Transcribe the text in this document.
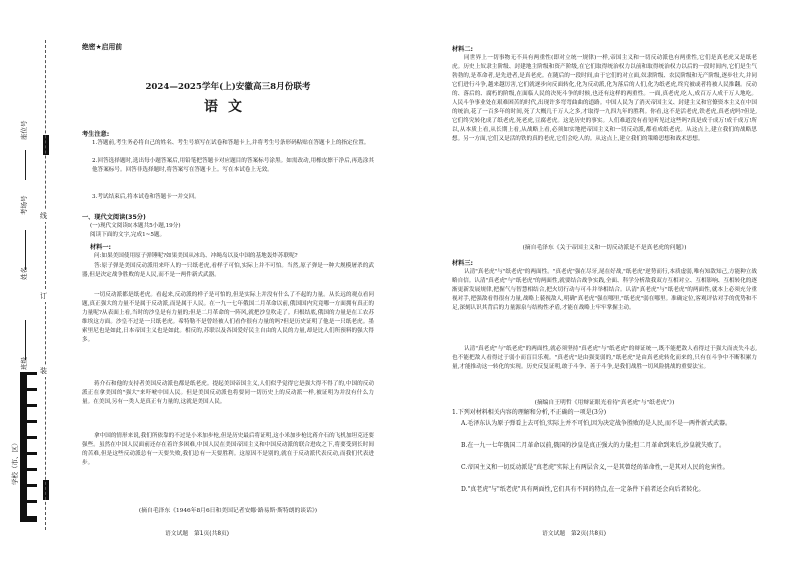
座位号
考场号
姓名
班级
学校（市、区）
线
订
装
绝密★启用前
2024—2025学年(上)安徽高三8月份联考
语文
考生注意:
1.答题前,考生务必将自己的姓名、考生号填写在试卷和答题卡上,并将考生号条形码粘贴在答题卡上的指定位置。
2.回答选择题时,选出每小题答案后,用铅笔把答题卡对应题目的答案标号涂黑。如需改动,用橡皮擦干净后,再选涂其他答案标号。回答非选择题时,将答案写在答题卡上。写在本试卷上无效。
3.考试结束后,将本试卷和答题卡一并交回。
一、现代文阅读(35分)
(一)现代文阅读Ⅰ(本题共5小题,19分)
阅读下面的文字,完成1~5题。
材料一:
问:如果美国使用原子弹锤呢?如果美国从冰岛、冲绳岛以及中国的基地轰炸苏联呢?
答:原子弹是美国反动派用来吓人的一只纸老虎,看样子可怕,实际上并不可怕。当然,原子弹是一种大规模屠杀的武器,但是决定战争胜败的是人民,而不是一两件新式武器。
一切反动派都是纸老虎。看起来,反动派的样子是可怕的,但是实际上并没有什么了不起的力量。从长远的观点看问题,真正强大的力量不是属于反动派,而是属于人民。在一九一七年俄国二月革命以前,俄国国内究竟哪一方面拥有真正的力量呢?从表面上看,当时的沙皇是有力量的;但是二月革命的一阵风,就把沙皇吹走了。归根结底,俄国的力量是在工农苏维埃这方面。沙皇不过是一只纸老虎。希特勒不是曾经被人们看作很有力量的吗?但是历史证明了他是一只纸老虎。墨索里尼也是如此,日本帝国主义也是如此。相反的,苏联以及各国爱好民主自由的人民的力量,却是比人们所预料的强大得多。
蒋介石和他的支持者美国反动派也都是纸老虎。提起美国帝国主义,人们似乎觉得它是强大得不得了的,中国的反动派正在拿美国的"强大"来吓唬中国人民。但是美国反动派也将要同一切历史上的反动派一样,被证明为并没有什么力量。在美国,另有一类人是真正有力量的,这就是美国人民。
拿中国的情形来说,我们所依靠的不过是小米加步枪,但是历史最后将证明,这小米加步枪比蒋介石的飞机加坦克还要强些。虽然在中国人民面前还存在着许多困难,中国人民在美国帝国主义和中国反动派的联合进攻之下,将要受到长时间的苦难,但是这些反动派总有一天要失败,我们总有一天要胜利。这原因不是别的,就在于反动派代表反动,而我们代表进步。
(摘自毛泽东《1946年8月6日和美国记者安娜·路易斯·斯特朗的谈话》)
语文试题　第1页(共8页)
材料二:
同世界上一切事物无不具有两重性(即对立统一规律)一样,帝国主义和一切反动派也有两重性,它们是真老虎又是纸老虎。历史上奴隶主阶级、封建地主阶级和资产阶级,在它们取得统治权力以前和取得统治权力以后的一段时间内,它们是生气勃勃的,是革命者,是先进者,是真老虎。在随后的一段时间,由于它们的对立面,奴隶阶级、农民阶级和无产阶级,逐步壮大,并同它们进行斗争,越来越厉害,它们就逐步向反面转化,化为反动派,化为落后的人们,化为纸老虎,终究被或者将被人民推翻。反动的、落后的、腐朽的阶级,在面临人民的决死斗争的时候,也还有这样的两重性。一面,真老虎,吃人,成百万人成千万人地吃。人民斗争事业处在艰难困苦的时代,出现许多弯弯曲曲的道路。中国人民为了消灭帝国主义、封建主义和官僚资本主义在中国的统治,花了一百多年的时间,死了大概几千万人之多,才取得一九四九年的胜利。你看,这不是活老虎,铁老虎,真老虎吗?但是,它们终究转化成了纸老虎,死老虎,豆腐老虎。这是历史的事实。人们难道没有看见听见过这些吗?真是成千成万!成千成万!所以,从本质上看,从长期上看,从战略上看,必须如实地把帝国主义和一切反动派,都看成纸老虎。从这点上,建立我们的战略思想。另一方面,它们又是活的铁的真的老虎,它们会吃人的。从这点上,建立我们的策略思想和战术思想。
(摘自毛泽东《关于帝国主义和一切反动派是不是真老虎的问题》)
材料三:
认清"真老虎"与"纸老虎"的两面性。"真老虎"强在尽牙,尾在好战,"纸老虎"逆势而行,本质虚弱,唯有知敌知己,方能种立战略自信。认清"真老虎"与"纸老虎"的两面性,就要结合战争实践,全面、科学分析敌我双方互相对立、互相影响、互相转化的逐渐更新发展规律,把握气与智慧相结合,把火切行动与可斗并举相结合。认清"真老虎"与"纸老虎"的两面性,就本上必须充分重视对手,把强敌看得很有力量,战略上藐视敌人,明确"真老虎"强在哪里,"纸老虎"弱在哪里。准确定位,客观评估对手的优势和不足,深刻认识其背后的力量源泉与结构性矛盾,才能在战略上牢牢掌握主动。
认清"真老虎"与"纸老虎"的两面性,就必须坚持"真老虎"与"纸老虎"的辩证统一,既不能把敌人看得过于强大而丧失斗志,也不能把敌人看得过于弱小而盲目乐观。"真老虎"是由强变弱的,"纸老虎"是由真老虎转化而来的,只有在斗争中不断积累力量,才能推动这一转化的实现。历史反复证明,敢于斗争、善于斗争,是我们战胜一切风险挑战的重要法宝。
(摘编自王明哲《用辩证眼光看待"真老虎"与"纸老虎"》)
1.下列对材料相关内容的理解和分析,不正确的一项是(3分)
A.毛泽东认为原子弹看上去可怕,实际上并不可怕,因为决定战争胜败的是人民,而不是一两件新式武器。
B.在一九一七年俄国二月革命以前,俄国的沙皇是真正强大的力量;但二月革命到来后,沙皇就失败了。
C.帝国主义和一切反动派是"真老虎"实际上有两层含义,一是其曾经的革命性,一是其对人民的危害性。
D."真老虎"与"纸老虎"具有两面性,它们具有不同的特点,在一定条件下前者还会向后者转化。
语文试题　第2页(共8页)
